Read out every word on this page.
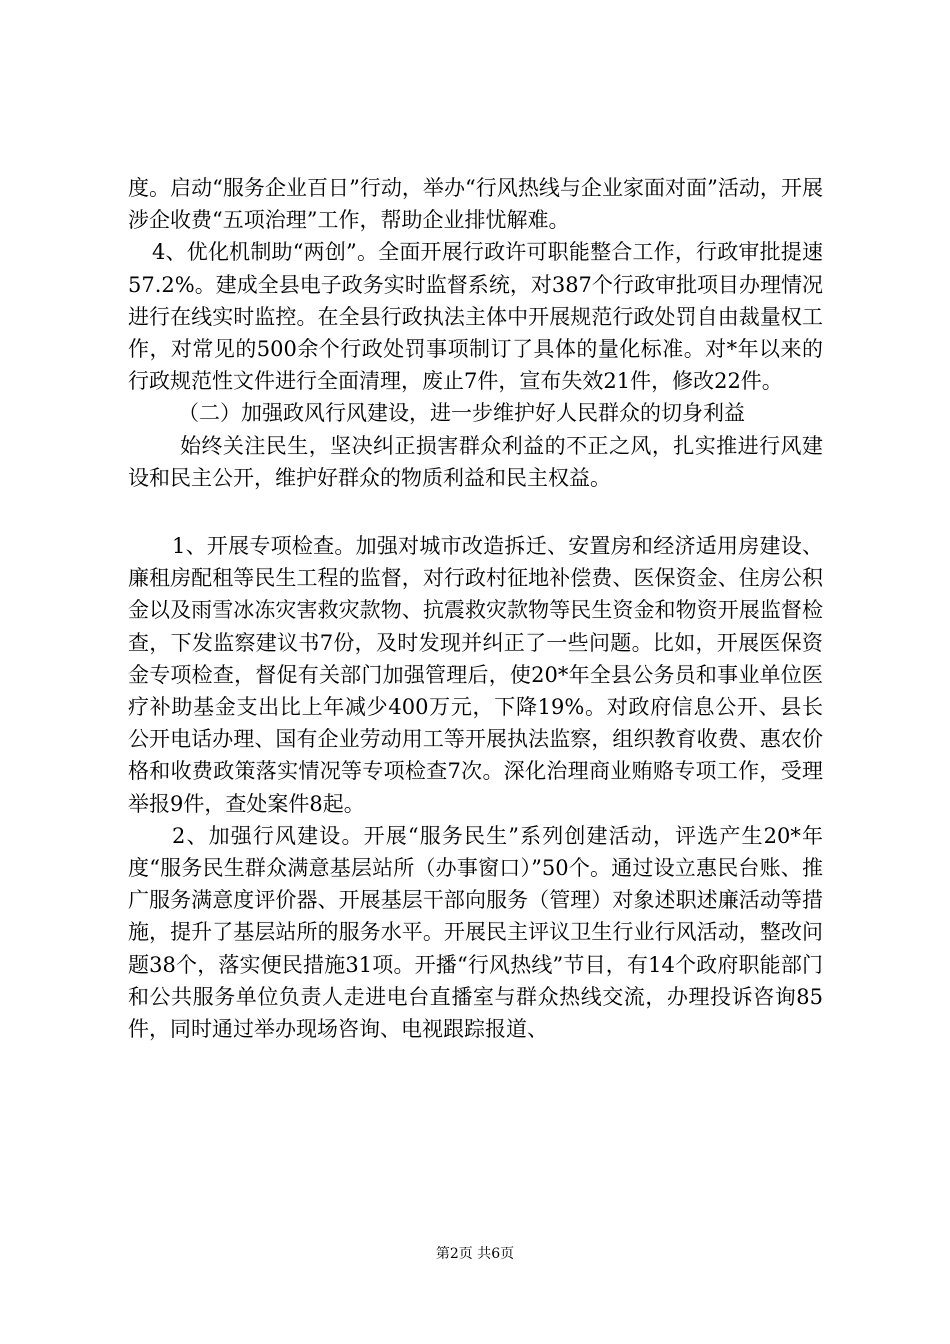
度。启动“服务企业百日”行动，举办“行风热线与企业家面对面”活动，开展涉企收费“五项治理”工作，帮助企业排忧解难。

4、优化机制助“两创”。全面开展行政许可职能整合工作，行政审批提速57.2%。建成全县电子政务实时监督系统，对387个行政审批项目办理情况进行在线实时监控。在全县行政执法主体中开展规范行政处罚自由裁量权工作，对常见的500余个行政处罚事项制订了具体的量化标准。对*年以来的行政规范性文件进行全面清理，废止7件，宣布失效21件，修改22件。

（二）加强政风行风建设，进一步维护好人民群众的切身利益

始终关注民生，坚决纠正损害群众利益的不正之风，扎实推进行风建设和民主公开，维护好群众的物质利益和民主权益。

1、开展专项检查。加强对城市改造拆迁、安置房和经济适用房建设、廉租房配租等民生工程的监督，对行政村征地补偿费、医保资金、住房公积金以及雨雪冰冻灾害救灾款物、抗震救灾款物等民生资金和物资开展监督检查，下发监察建议书7份，及时发现并纠正了一些问题。比如，开展医保资金专项检查，督促有关部门加强管理后，使20*年全县公务员和事业单位医疗补助基金支出比上年减少400万元，下降19%。对政府信息公开、县长公开电话办理、国有企业劳动用工等开展执法监察，组织教育收费、惠农价格和收费政策落实情况等专项检查7次。深化治理商业贿赂专项工作，受理举报9件，查处案件8起。

2、加强行风建设。开展“服务民生”系列创建活动，评选产生20*年度“服务民生群众满意基层站所（办事窗口）”50个。通过设立惠民台账、推广服务满意度评价器、开展基层干部向服务（管理）对象述职述廉活动等措施，提升了基层站所的服务水平。开展民主评议卫生行业行风活动，整改问题38个，落实便民措施31项。开播“行风热线”节目，有14个政府职能部门和公共服务单位负责人走进电台直播室与群众热线交流，办理投诉咨询85件，同时通过举办现场咨询、电视跟踪报道、

第2页 共6页
